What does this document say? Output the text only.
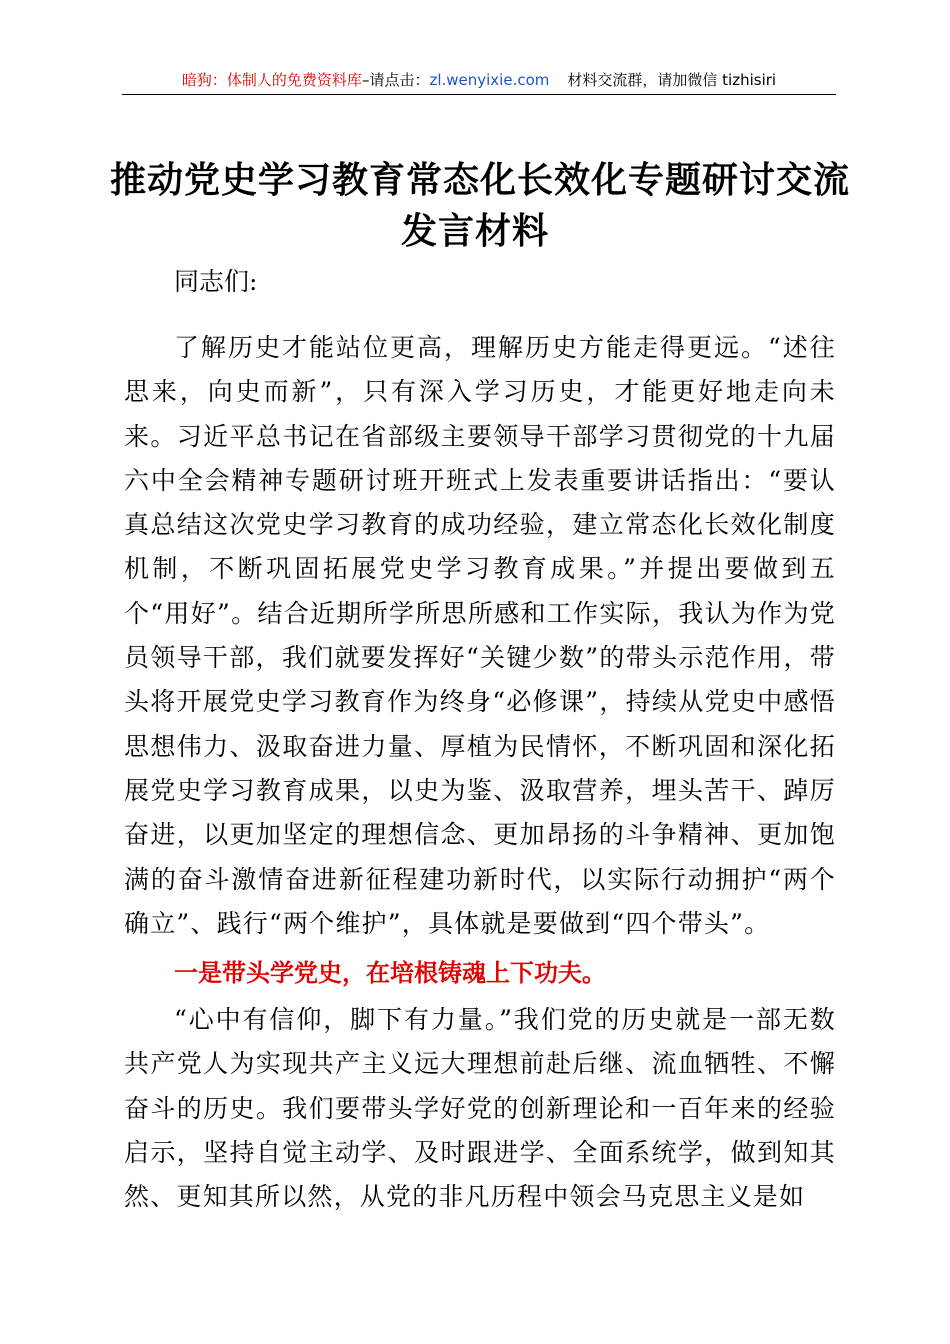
暗狗：体制人的免费资料库–请点击：zl.wenyixie.com 材料交流群，请加微信 tizhisiri
推动党史学习教育常态化长效化专题研讨交流
发言材料
同志们:
了解历史才能站位更高，理解历史方能走得更远。“述往思来，向史而新”，只有深入学习历史，才能更好地走向未来。习近平总书记在省部级主要领导干部学习贯彻党的十九届六中全会精神专题研讨班开班式上发表重要讲话指出：“要认真总结这次党史学习教育的成功经验，建立常态化长效化制度机制，不断巩固拓展党史学习教育成果。”并提出要做到五个“用好”。结合近期所学所思所感和工作实际，我认为作为党员领导干部，我们就要发挥好“关键少数”的带头示范作用，带头将开展党史学习教育作为终身“必修课”，持续从党史中感悟思想伟力、汲取奋进力量、厚植为民情怀，不断巩固和深化拓展党史学习教育成果，以史为鉴、汲取营养，埋头苦干、踔厉奋进，以更加坚定的理想信念、更加昂扬的斗争精神、更加饱满的奋斗激情奋进新征程建功新时代，以实际行动拥护“两个确立”、践行“两个维护”，具体就是要做到“四个带头”。
一是带头学党史，在培根铸魂上下功夫。
“心中有信仰，脚下有力量。”我们党的历史就是一部无数共产党人为实现共产主义远大理想前赴后继、流血牺牲、不懈奋斗的历史。我们要带头学好党的创新理论和一百年来的经验启示，坚持自觉主动学、及时跟进学、全面系统学，做到知其然、更知其所以然，从党的非凡历程中领会马克思主义是如
